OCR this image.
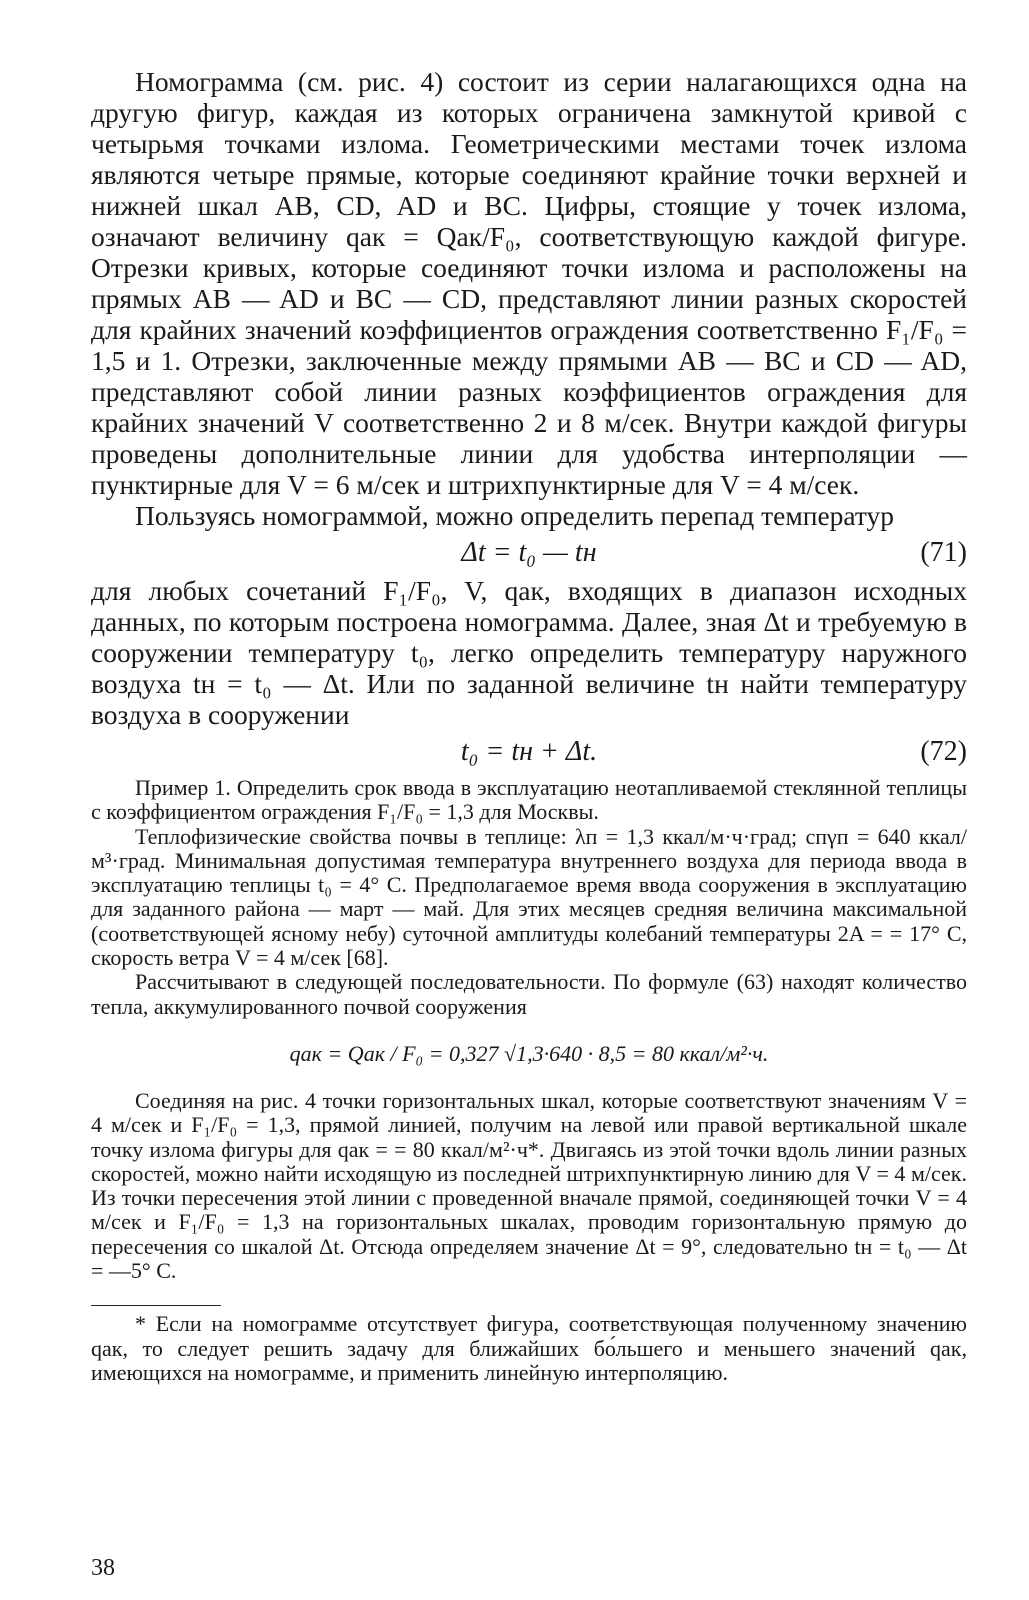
Номограмма (см. рис. 4) состоит из серии налагающихся одна на другую фигур, каждая из которых ограничена замкнутой кривой с четырьмя точками излома. Геометрическими местами точек излома являются четыре прямые, которые соединяют крайние точки верхней и нижней шкал AB, CD, AD и BC. Цифры, стоящие у точек излома, означают величину qак = Qак/F₀, соответствующую каждой фигуре. Отрезки кривых, которые соединяют точки излома и расположены на прямых AB — AD и BC — CD, представляют линии разных скоростей для крайних значений коэффициентов ограждения соответственно F₁/F₀ = 1,5 и 1. Отрезки, заключенные между прямыми AB — BC и CD — AD, представляют собой линии разных коэффициентов ограждения для крайних значений V соответственно 2 и 8 м/сек. Внутри каждой фигуры проведены дополнительные линии для удобства интерполяции — пунктирные для V = 6 м/сек и штрихпунктирные для V = 4 м/сек.

Пользуясь номограммой, можно определить перепад температур

Δt = t₀ — tн	(71)

для любых сочетаний F₁/F₀, V, qак, входящих в диапазон исходных данных, по которым построена номограмма. Далее, зная Δt и требуемую в сооружении температуру t₀, легко определить температуру наружного воздуха tн = t₀ — Δt. Или по заданной величине tн найти температуру воздуха в сооружении

t₀ = tн + Δt.	(72)

Пример 1. Определить срок ввода в эксплуатацию неотапливаемой стеклянной теплицы с коэффициентом ограждения F₁/F₀ = 1,3 для Москвы.

Теплофизические свойства почвы в теплице: λп = 1,3 ккал/м·ч·град; cпγп = 640 ккал/м³·град. Минимальная допустимая температура внутреннего воздуха для периода ввода в эксплуатацию теплицы t₀ = 4° С. Предполагаемое время ввода сооружения в эксплуатацию для заданного района — март — май. Для этих месяцев средняя величина максимальной (соответствующей ясному небу) суточной амплитуды колебаний температуры 2A = = 17° С, скорость ветра V = 4 м/сек [68].

Рассчитывают в следующей последовательности. По формуле (63) находят количество тепла, аккумулированного почвой сооружения

qак = Qак / F₀ = 0,327 √1,3·640 · 8,5 = 80 ккал/м²·ч.

Соединяя на рис. 4 точки горизонтальных шкал, которые соответствуют значениям V = 4 м/сек и F₁/F₀ = 1,3, прямой линией, получим на левой или правой вертикальной шкале точку излома фигуры для qак = = 80 ккал/м²·ч*. Двигаясь из этой точки вдоль линии разных скоростей, можно найти исходящую из последней штрихпунктирную линию для V = 4 м/сек. Из точки пересечения этой линии с проведенной вначале прямой, соединяющей точки V = 4 м/сек и F₁/F₀ = 1,3 на горизонтальных шкалах, проводим горизонтальную прямую до пересечения со шкалой Δt. Отсюда определяем значение Δt = 9°, следовательно tн = t₀ — Δt = —5° С.

* Если на номограмме отсутствует фигура, соответствующая полученному значению qак, то следует решить задачу для ближайших бо́льшего и меньшего значений qак, имеющихся на номограмме, и применить линейную интерполяцию.

38
